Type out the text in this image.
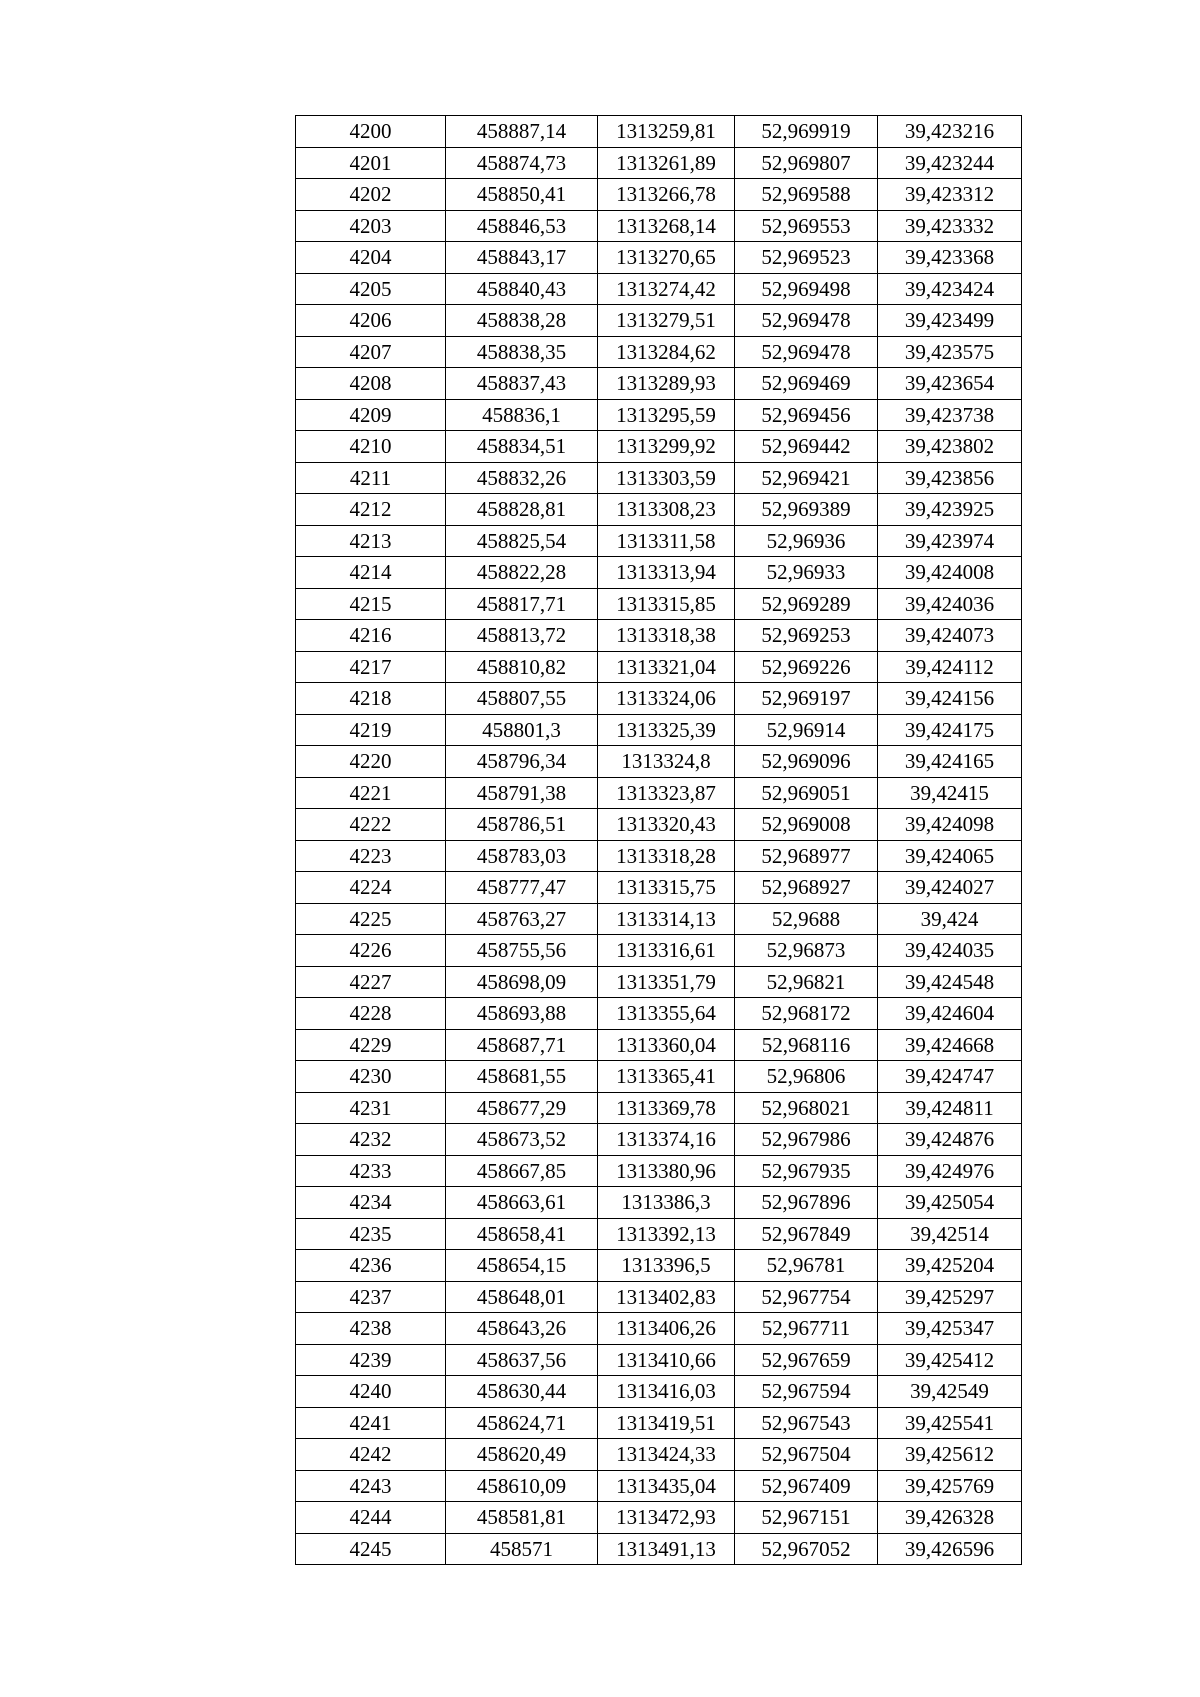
4200	458887,14	1313259,81	52,969919	39,423216
4201	458874,73	1313261,89	52,969807	39,423244
4202	458850,41	1313266,78	52,969588	39,423312
4203	458846,53	1313268,14	52,969553	39,423332
4204	458843,17	1313270,65	52,969523	39,423368
4205	458840,43	1313274,42	52,969498	39,423424
4206	458838,28	1313279,51	52,969478	39,423499
4207	458838,35	1313284,62	52,969478	39,423575
4208	458837,43	1313289,93	52,969469	39,423654
4209	458836,1	1313295,59	52,969456	39,423738
4210	458834,51	1313299,92	52,969442	39,423802
4211	458832,26	1313303,59	52,969421	39,423856
4212	458828,81	1313308,23	52,969389	39,423925
4213	458825,54	1313311,58	52,96936	39,423974
4214	458822,28	1313313,94	52,96933	39,424008
4215	458817,71	1313315,85	52,969289	39,424036
4216	458813,72	1313318,38	52,969253	39,424073
4217	458810,82	1313321,04	52,969226	39,424112
4218	458807,55	1313324,06	52,969197	39,424156
4219	458801,3	1313325,39	52,96914	39,424175
4220	458796,34	1313324,8	52,969096	39,424165
4221	458791,38	1313323,87	52,969051	39,42415
4222	458786,51	1313320,43	52,969008	39,424098
4223	458783,03	1313318,28	52,968977	39,424065
4224	458777,47	1313315,75	52,968927	39,424027
4225	458763,27	1313314,13	52,9688	39,424
4226	458755,56	1313316,61	52,96873	39,424035
4227	458698,09	1313351,79	52,96821	39,424548
4228	458693,88	1313355,64	52,968172	39,424604
4229	458687,71	1313360,04	52,968116	39,424668
4230	458681,55	1313365,41	52,96806	39,424747
4231	458677,29	1313369,78	52,968021	39,424811
4232	458673,52	1313374,16	52,967986	39,424876
4233	458667,85	1313380,96	52,967935	39,424976
4234	458663,61	1313386,3	52,967896	39,425054
4235	458658,41	1313392,13	52,967849	39,42514
4236	458654,15	1313396,5	52,96781	39,425204
4237	458648,01	1313402,83	52,967754	39,425297
4238	458643,26	1313406,26	52,967711	39,425347
4239	458637,56	1313410,66	52,967659	39,425412
4240	458630,44	1313416,03	52,967594	39,42549
4241	458624,71	1313419,51	52,967543	39,425541
4242	458620,49	1313424,33	52,967504	39,425612
4243	458610,09	1313435,04	52,967409	39,425769
4244	458581,81	1313472,93	52,967151	39,426328
4245	458571	1313491,13	52,967052	39,426596
